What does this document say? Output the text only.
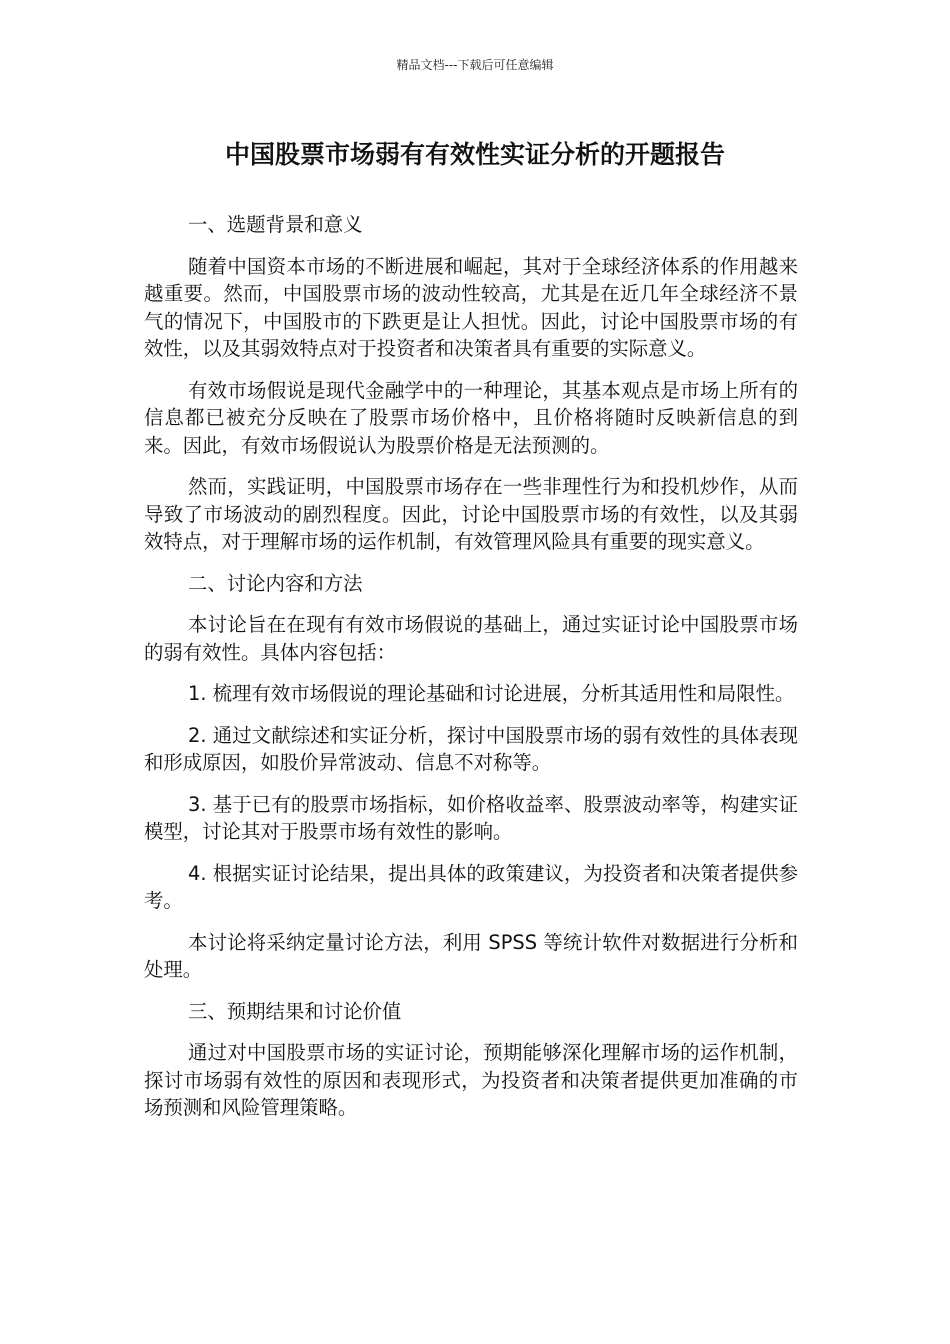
精品文档---下载后可任意编辑
中国股票市场弱有有效性实证分析的开题报告

一、选题背景和意义

随着中国资本市场的不断进展和崛起，其对于全球经济体系的作用越来越重要。然而，中国股票市场的波动性较高，尤其是在近几年全球经济不景气的情况下，中国股市的下跌更是让人担忧。因此，讨论中国股票市场的有效性，以及其弱效特点对于投资者和决策者具有重要的实际意义。

有效市场假说是现代金融学中的一种理论，其基本观点是市场上所有的信息都已被充分反映在了股票市场价格中，且价格将随时反映新信息的到来。因此，有效市场假说认为股票价格是无法预测的。

然而，实践证明，中国股票市场存在一些非理性行为和投机炒作，从而导致了市场波动的剧烈程度。因此，讨论中国股票市场的有效性，以及其弱效特点，对于理解市场的运作机制，有效管理风险具有重要的现实意义。

二、讨论内容和方法

本讨论旨在在现有有效市场假说的基础上，通过实证讨论中国股票市场的弱有效性。具体内容包括：

1. 梳理有效市场假说的理论基础和讨论进展，分析其适用性和局限性。

2. 通过文献综述和实证分析，探讨中国股票市场的弱有效性的具体表现和形成原因，如股价异常波动、信息不对称等。

3. 基于已有的股票市场指标，如价格收益率、股票波动率等，构建实证模型，讨论其对于股票市场有效性的影响。

4. 根据实证讨论结果，提出具体的政策建议，为投资者和决策者提供参考。

本讨论将采纳定量讨论方法，利用 SPSS 等统计软件对数据进行分析和处理。

三、预期结果和讨论价值

通过对中国股票市场的实证讨论，预期能够深化理解市场的运作机制，探讨市场弱有效性的原因和表现形式，为投资者和决策者提供更加准确的市场预测和风险管理策略。
